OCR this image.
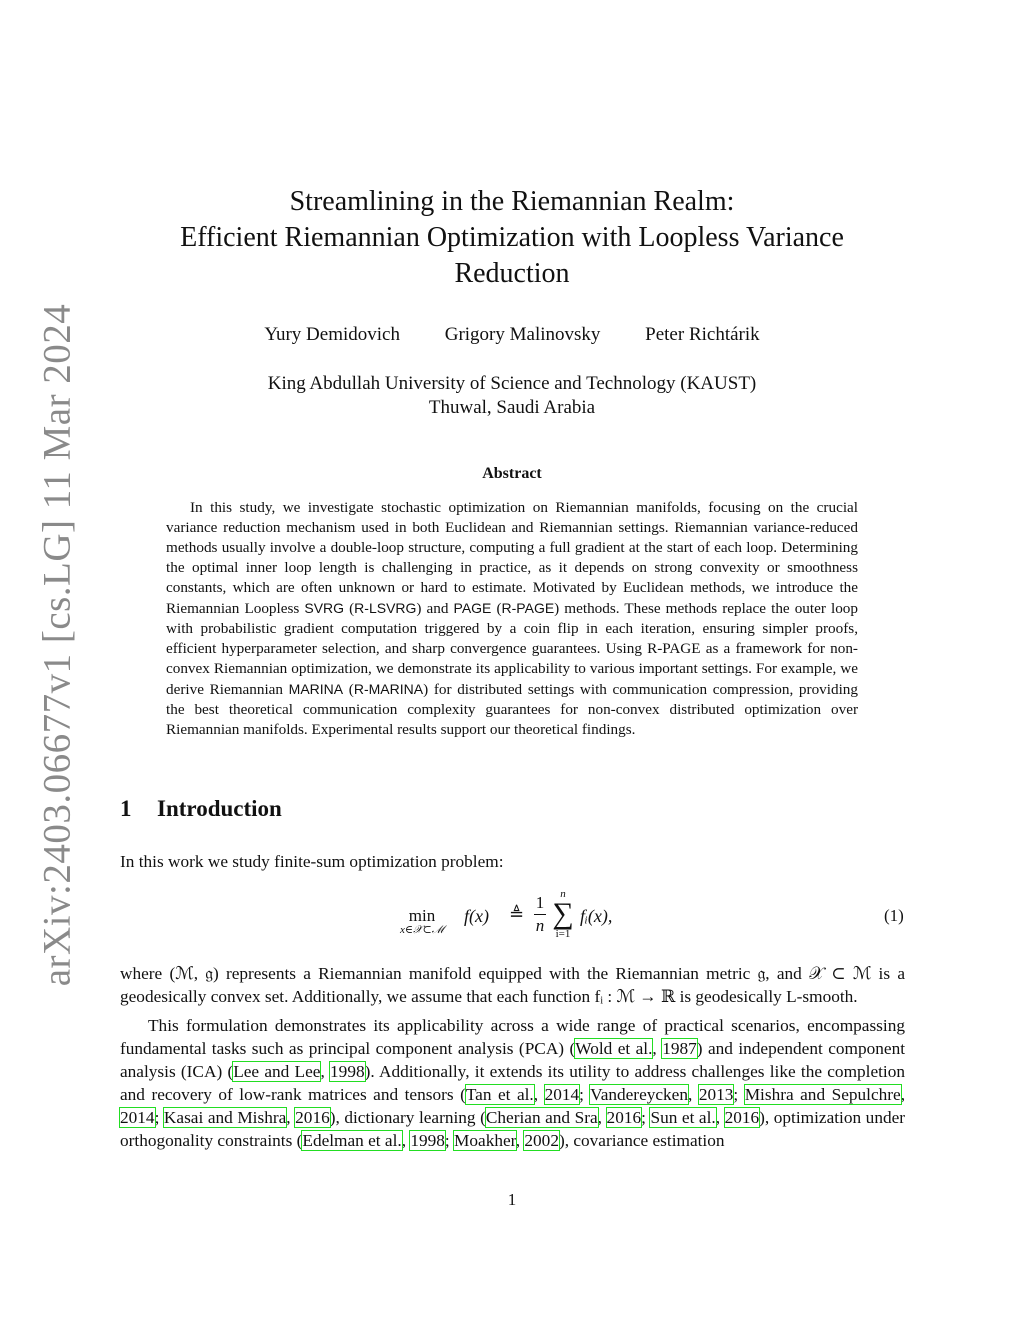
arXiv:2403.06677v1 [cs.LG] 11 Mar 2024
Streamlining in the Riemannian Realm:
Efficient Riemannian Optimization with Loopless Variance
Reduction
Yury Demidovich Grigory Malinovsky Peter Richtárik
King Abdullah University of Science and Technology (KAUST)
Thuwal, Saudi Arabia
Abstract

In this study, we investigate stochastic optimization on Riemannian manifolds, focusing on the crucial variance reduction mechanism used in both Euclidean and Riemannian settings. Riemannian variance-reduced methods usually involve a double-loop structure, computing a full gradient at the start of each loop. Determining the optimal inner loop length is challenging in practice, as it depends on strong convexity or smoothness constants, which are often unknown or hard to estimate. Motivated by Euclidean methods, we introduce the Riemannian Loopless SVRG (R-LSVRG) and PAGE (R-PAGE) methods. These methods replace the outer loop with probabilistic gradient computation triggered by a coin flip in each iteration, ensuring simpler proofs, efficient hyperparameter selection, and sharp convergence guarantees. Using R-PAGE as a framework for non-convex Riemannian optimization, we demonstrate its applicability to various important settings. For example, we derive Riemannian MARINA (R-MARINA) for distributed settings with communication compression, providing the best theoretical communication complexity guarantees for non-convex distributed optimization over Riemannian manifolds. Experimental results support our theoretical findings.

1 Introduction

In this work we study finite-sum optimization problem:

min
x∈𝒳⊂ℳ
f(x) ≜
1
n
n
∑
i=1
fᵢ(x),	(1)

where (ℳ, 𝔤) represents a Riemannian manifold equipped with the Riemannian metric 𝔤, and 𝒳 ⊂ ℳ is a geodesically convex set. Additionally, we assume that each function fᵢ : ℳ → ℝ is geodesically L-smooth.

This formulation demonstrates its applicability across a wide range of practical scenarios, encompassing fundamental tasks such as principal component analysis (PCA) (Wold et al., 1987) and independent component analysis (ICA) (Lee and Lee, 1998). Additionally, it extends its utility to address challenges like the completion and recovery of low-rank matrices and tensors (Tan et al., 2014; Vandereycken, 2013; Mishra and Sepulchre, 2014; Kasai and Mishra, 2016), dictionary learning (Cherian and Sra, 2016; Sun et al., 2016), optimization under orthogonality constraints (Edelman et al., 1998; Moakher, 2002), covariance estimation

1
